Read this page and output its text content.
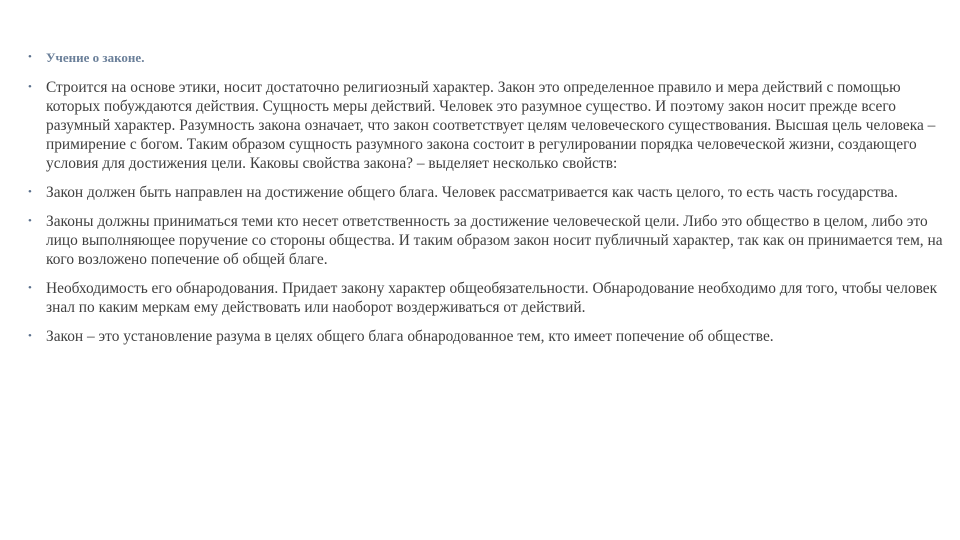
• Учение о законе.
• Строится на основе этики, носит достаточно религиозный характер. Закон это определенное правило и мера действий с помощью которых побуждаются действия. Сущность меры действий. Человек это разумное существо. И поэтому закон носит прежде всего разумный характер. Разумность закона означает, что закон соответствует целям человеческого существования. Высшая цель человека – примирение с богом. Таким образом сущность разумного закона состоит в регулировании порядка человеческой жизни, создающего условия для достижения цели. Каковы свойства закона? – выделяет несколько свойств:
• Закон должен быть направлен на достижение общего блага. Человек рассматривается как часть целого, то есть часть государства.
• Законы должны приниматься теми кто несет ответственность за достижение человеческой цели. Либо это общество в целом, либо это лицо выполняющее поручение со стороны общества. И таким образом закон носит публичный характер, так как он принимается тем, на кого возложено попечение об общей благе.
• Необходимость его обнародования. Придает закону характер общеобязательности. Обнародование необходимо для того, чтобы человек знал по каким меркам ему действовать или наоборот воздерживаться от действий.
• Закон – это установление разума в целях общего блага обнародованное тем, кто имеет попечение об обществе.
